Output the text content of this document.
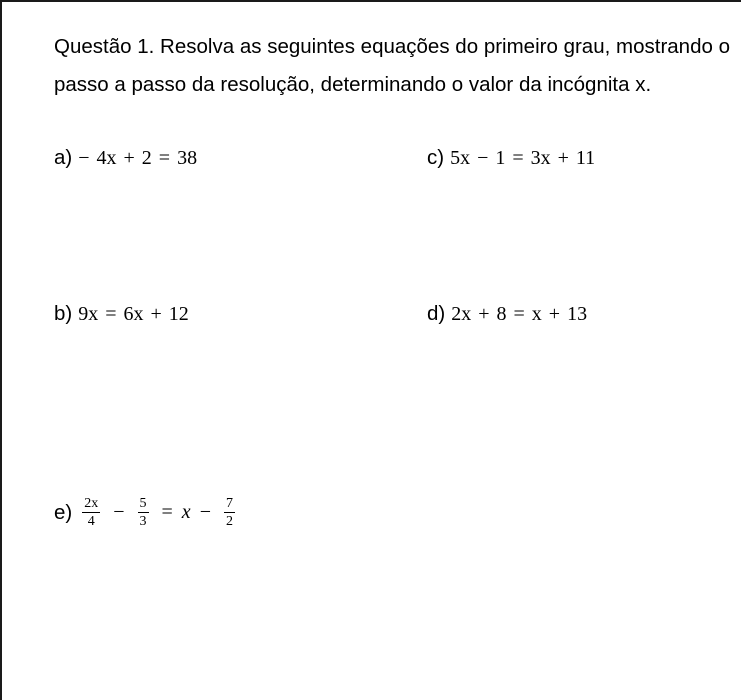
Questão 1. Resolva as seguintes equações do primeiro grau, mostrando o passo a passo da resolução, determinando o valor da incógnita x.
a) − 4x + 2 = 38	c) 5x − 1 = 3x + 11
b) 9x = 6x + 12	d) 2x + 8 = x + 13
$e) \frac{2x}{4} - \frac{5}{3} = x - \frac{7}{2}$
